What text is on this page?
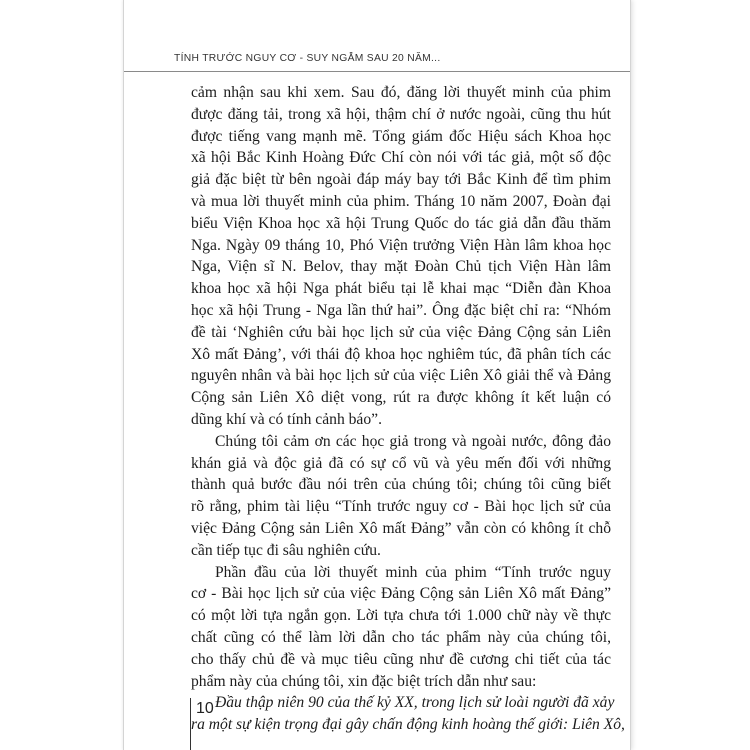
TÍNH TRƯỚC NGUY CƠ - SUY NGẪM SAU 20 NĂM...
cảm nhận sau khi xem. Sau đó, đăng lời thuyết minh của phim
được đăng tải, trong xã hội, thậm chí ở nước ngoài, cũng thu hút
được tiếng vang mạnh mẽ. Tổng giám đốc Hiệu sách Khoa học
xã hội Bắc Kinh Hoàng Đức Chí còn nói với tác giả, một số độc
giả đặc biệt từ bên ngoài đáp máy bay tới Bắc Kinh để tìm phim
và mua lời thuyết minh của phim. Tháng 10 năm 2007, Đoàn đại
biểu Viện Khoa học xã hội Trung Quốc do tác giả dẫn đầu thăm
Nga. Ngày 09 tháng 10, Phó Viện trưởng Viện Hàn lâm khoa học
Nga, Viện sĩ N. Belov, thay mặt Đoàn Chủ tịch Viện Hàn lâm
khoa học xã hội Nga phát biểu tại lễ khai mạc “Diễn đàn Khoa
học xã hội Trung - Nga lần thứ hai”. Ông đặc biệt chỉ ra: “Nhóm
đề tài ‘Nghiên cứu bài học lịch sử của việc Đảng Cộng sản Liên
Xô mất Đảng’, với thái độ khoa học nghiêm túc, đã phân tích các
nguyên nhân và bài học lịch sử của việc Liên Xô giải thể và Đảng
Cộng sản Liên Xô diệt vong, rút ra được không ít kết luận có
dũng khí và có tính cảnh báo”.
Chúng tôi cảm ơn các học giả trong và ngoài nước, đông đảo
khán giả và độc giả đã có sự cổ vũ và yêu mến đối với những
thành quả bước đầu nói trên của chúng tôi; chúng tôi cũng biết
rõ rằng, phim tài liệu “Tính trước nguy cơ - Bài học lịch sử của
việc Đảng Cộng sản Liên Xô mất Đảng” vẫn còn có không ít chỗ
cần tiếp tục đi sâu nghiên cứu.
Phần đầu của lời thuyết minh của phim “Tính trước nguy
cơ - Bài học lịch sử của việc Đảng Cộng sản Liên Xô mất Đảng”
có một lời tựa ngắn gọn. Lời tựa chưa tới 1.000 chữ này về thực
chất cũng có thể làm lời dẫn cho tác phẩm này của chúng tôi,
cho thấy chủ đề và mục tiêu cũng như đề cương chi tiết của tác
phẩm này của chúng tôi, xin đặc biệt trích dẫn như sau:
Đầu thập niên 90 của thế kỷ XX, trong lịch sử loài người đã xảy
ra một sự kiện trọng đại gây chấn động kinh hoàng thế giới: Liên Xô,
10
